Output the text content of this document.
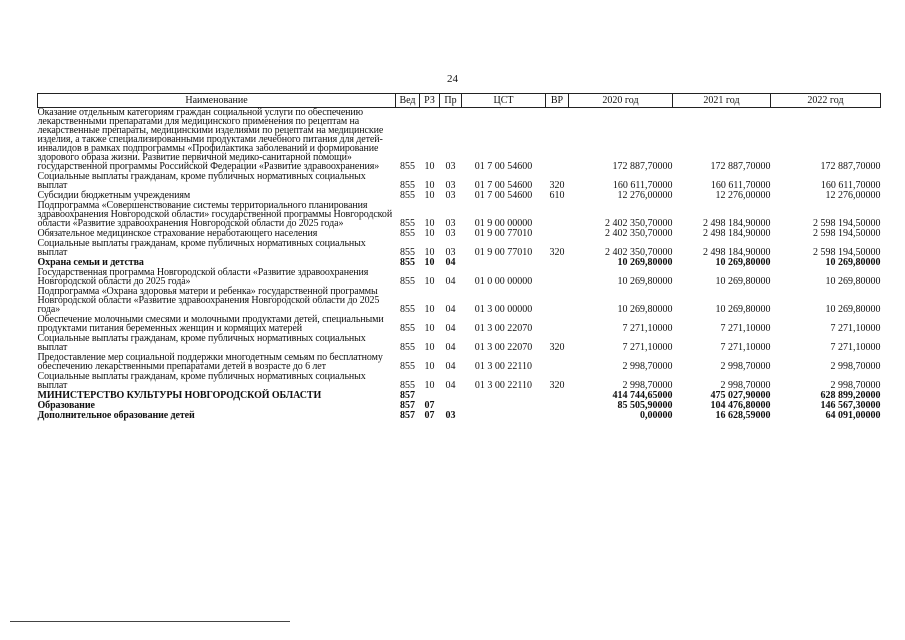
24
Наименование	Вед	РЗ	Пр	ЦСТ	ВР	2020 год	2021 год	2022 год
Оказание отдельным категориям граждан социальной услуги по обеспечению лекарственными препаратами для медицинского применения по рецептам на лекарственные препараты, медицинскими изделиями по рецептам на медицинские изделия, а также специализированными продуктами лечебного питания для детей-инвалидов в рамках подпрограммы «Профилактика заболеваний и формирование здорового образа жизни. Развитие первичной медико-санитарной помощи» государственной программы Российской Федерации «Развитие здравоохранения»	855	10	03	01 7 00 54600		172 887,70000	172 887,70000	172 887,70000
Социальные выплаты гражданам, кроме публичных нормативных социальных выплат	855	10	03	01 7 00 54600	320	160 611,70000	160 611,70000	160 611,70000
Субсидии бюджетным учреждениям	855	10	03	01 7 00 54600	610	12 276,00000	12 276,00000	12 276,00000
Подпрограмма «Совершенствование системы территориального планирования здравоохранения Новгородской области» государственной программы Новгородской области «Развитие здравоохранения Новгородской области до 2025 года»	855	10	03	01 9 00 00000		2 402 350,70000	2 498 184,90000	2 598 194,50000
Обязательное медицинское страхование неработающего населения	855	10	03	01 9 00 77010		2 402 350,70000	2 498 184,90000	2 598 194,50000
Социальные выплаты гражданам, кроме публичных нормативных социальных выплат	855	10	03	01 9 00 77010	320	2 402 350,70000	2 498 184,90000	2 598 194,50000
Охрана семьи и детства	855	10	04			10 269,80000	10 269,80000	10 269,80000
Государственная программа Новгородской области «Развитие здравоохранения Новгородской области до 2025 года»	855	10	04	01 0 00 00000		10 269,80000	10 269,80000	10 269,80000
Подпрограмма «Охрана здоровья матери и ребенка» государственной программы Новгородской области «Развитие здравоохранения Новгородской области до 2025 года»	855	10	04	01 3 00 00000		10 269,80000	10 269,80000	10 269,80000
Обеспечение молочными смесями и молочными продуктами детей, специальными продуктами питания беременных женщин и кормящих матерей	855	10	04	01 3 00 22070		7 271,10000	7 271,10000	7 271,10000
Социальные выплаты гражданам, кроме публичных нормативных социальных выплат	855	10	04	01 3 00 22070	320	7 271,10000	7 271,10000	7 271,10000
Предоставление мер социальной поддержки многодетным семьям по бесплатному обеспечению лекарственными препаратами детей в возрасте до 6 лет	855	10	04	01 3 00 22110		2 998,70000	2 998,70000	2 998,70000
Социальные выплаты гражданам, кроме публичных нормативных социальных выплат	855	10	04	01 3 00 22110	320	2 998,70000	2 998,70000	2 998,70000
МИНИСТЕРСТВО КУЛЬТУРЫ НОВГОРОДСКОЙ ОБЛАСТИ	857					414 744,65000	475 027,90000	628 899,20000
Образование	857	07				85 505,90000	104 476,80000	146 567,30000
Дополнительное образование детей	857	07	03			0,00000	16 628,59000	64 091,00000
